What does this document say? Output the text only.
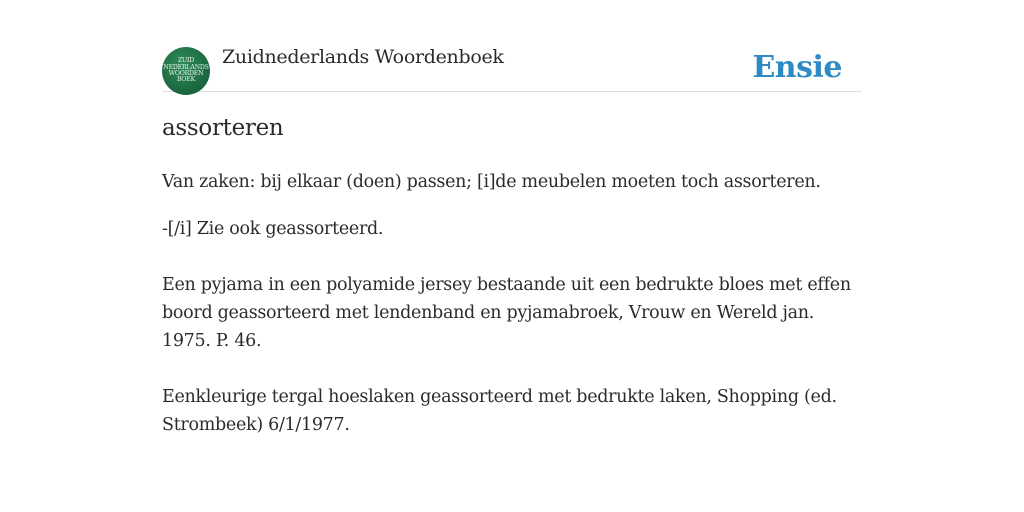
ZUID
NEDERLANDS
WOORDEN
BOEK
Zuidnederlands Woordenboek	Ensie
assorteren

Van zaken: bij elkaar (doen) passen; [i]de meubelen moeten toch assorteren.

-[/i] Zie ook geassorteerd.

Een pyjama in een polyamide jersey bestaande uit een bedrukte bloes met effen boord geassorteerd met lendenband en pyjamabroek, Vrouw en Wereld jan. 1975. P. 46.

Eenkleurige tergal hoeslaken geassorteerd met bedrukte laken, Shopping (ed. Strombeek) 6/1/1977.
